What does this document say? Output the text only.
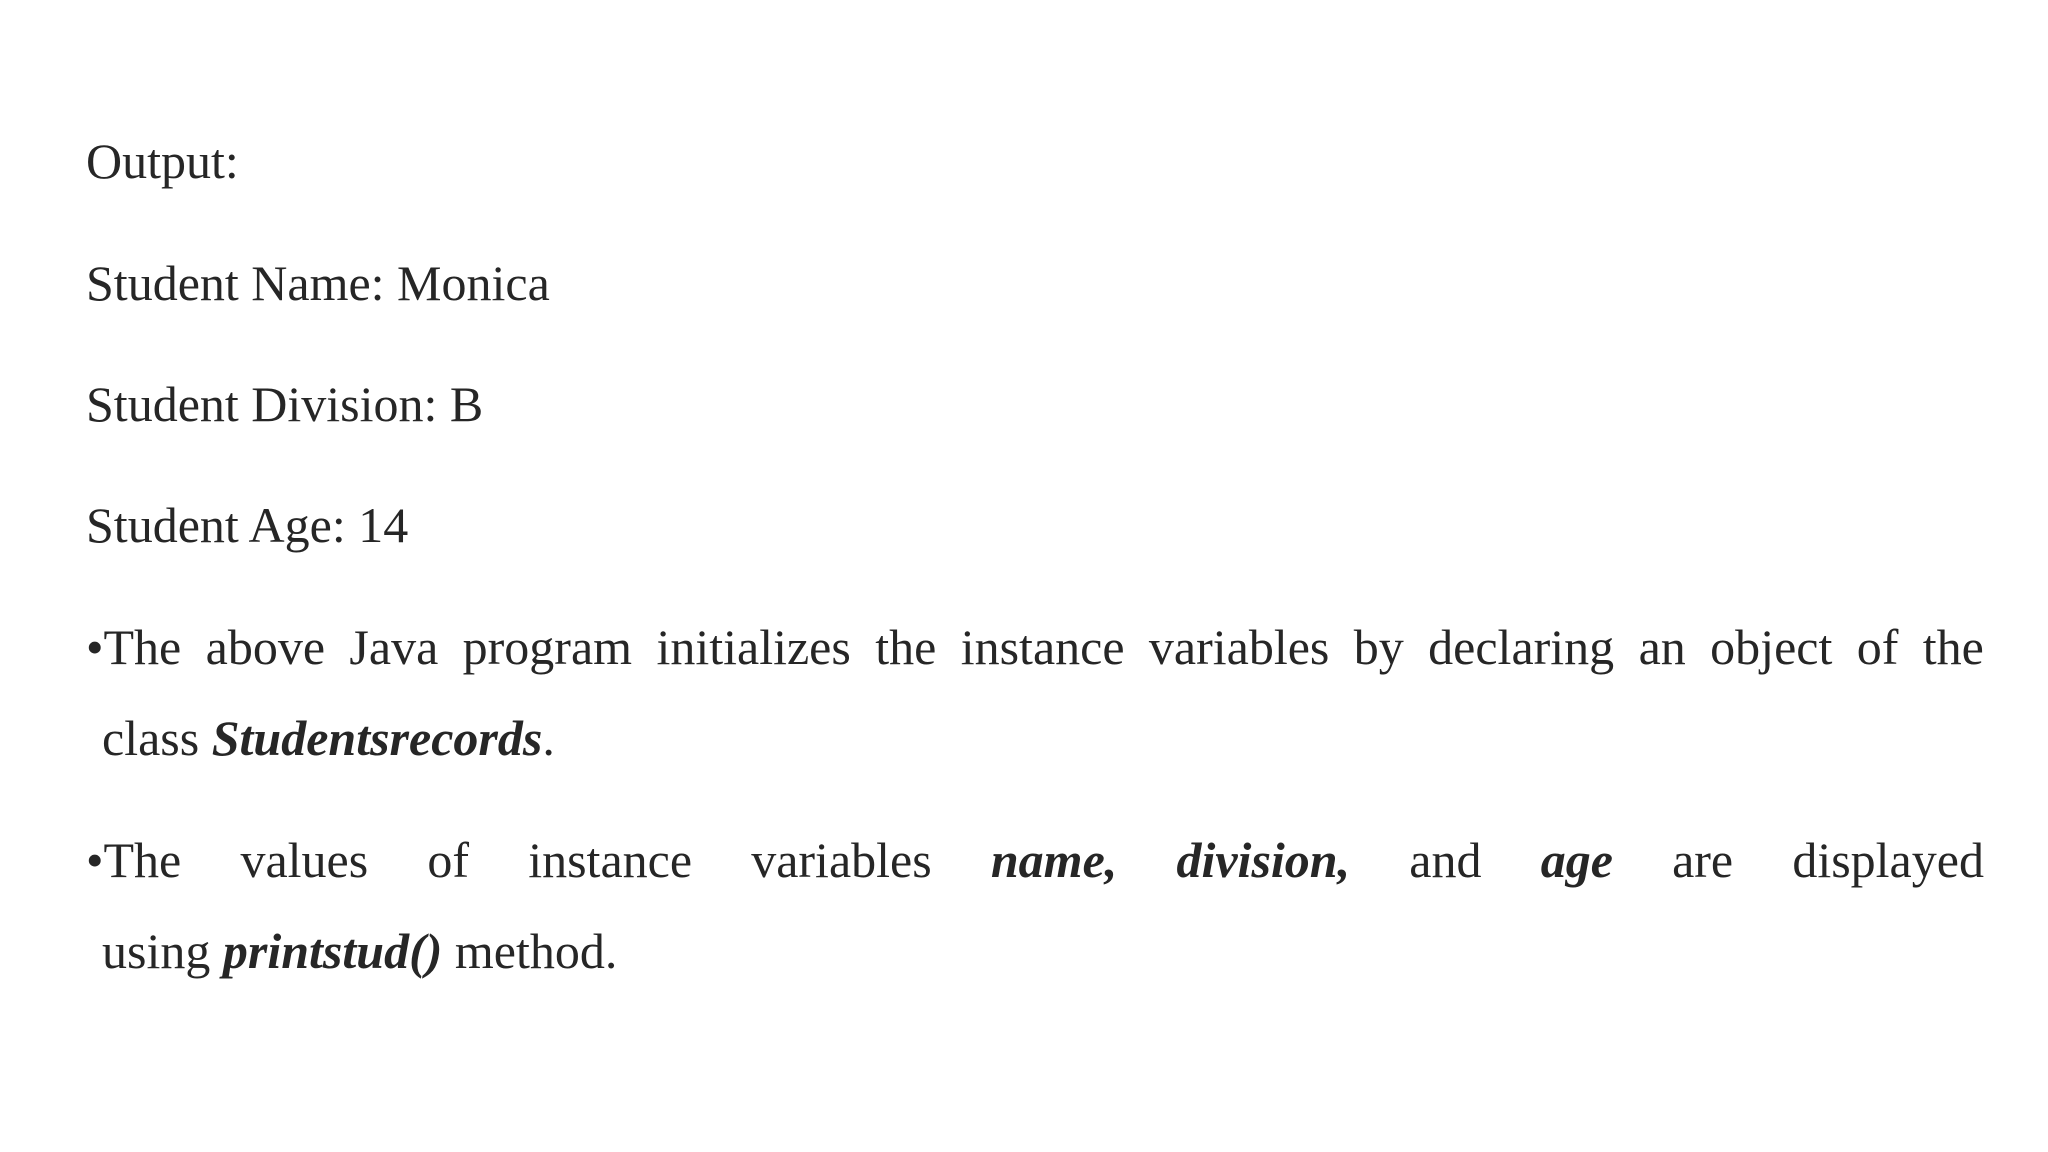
Output:
Student Name: Monica
Student Division: B
Student Age: 14
•The above Java program initializes the instance variables by declaring an object of the
class Studentsrecords.
•The values of instance variables name, division, and age are displayed
using printstud() method.
